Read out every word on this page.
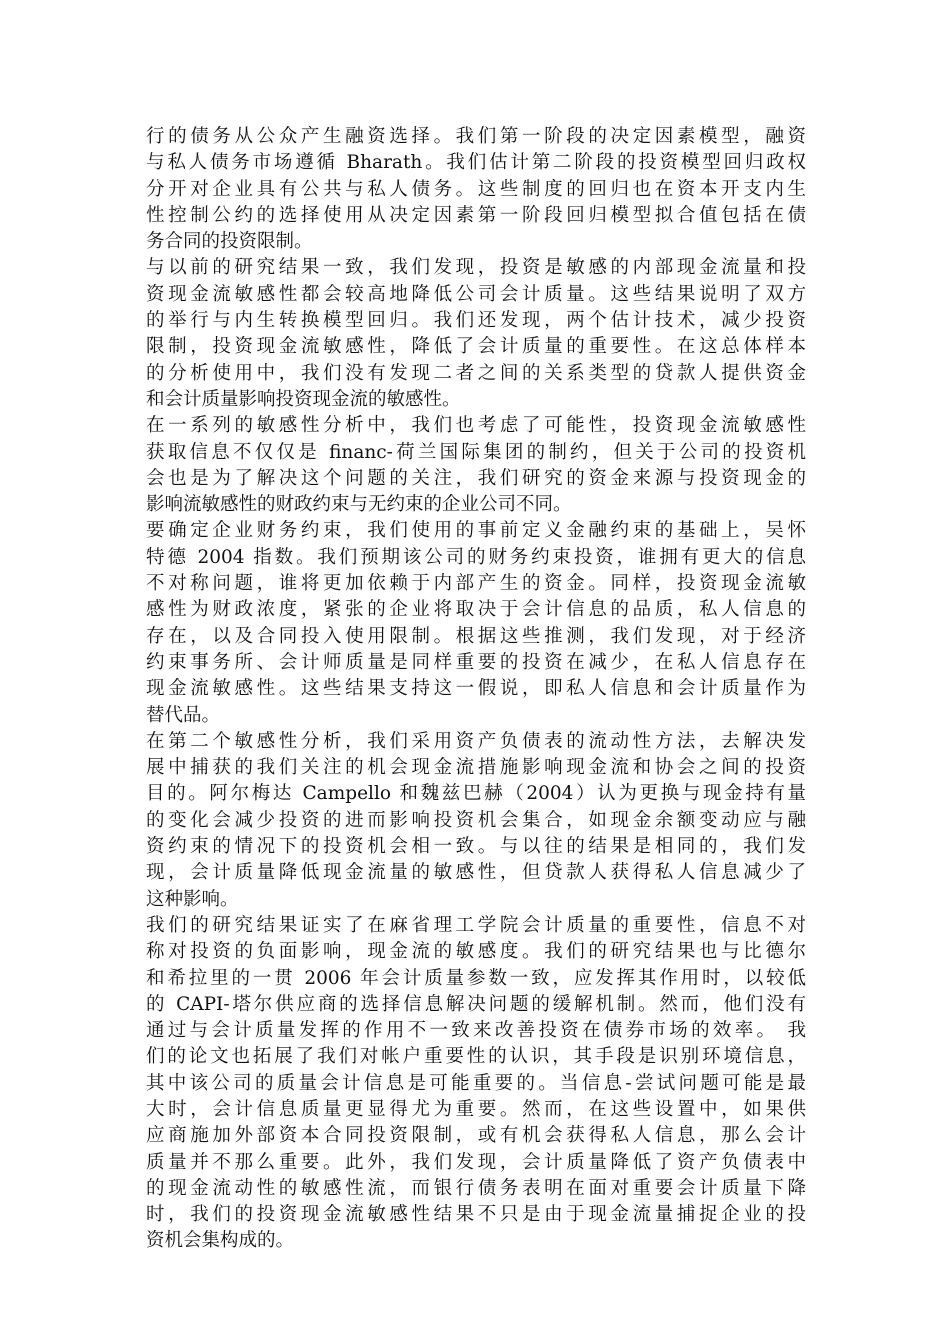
行的债务从公众产生融资选择。我们第一阶段的决定因素模型，融资
与私人债务市场遵循 Bharath。我们估计第二阶段的投资模型回归政权
分开对企业具有公共与私人债务。这些制度的回归也在资本开支内生
性控制公约的选择使用从决定因素第一阶段回归模型拟合值包括在债
务合同的投资限制。
与以前的研究结果一致，我们发现，投资是敏感的内部现金流量和投
资现金流敏感性都会较高地降低公司会计质量。这些结果说明了双方
的举行与内生转换模型回归。我们还发现，两个估计技术，减少投资
限制，投资现金流敏感性，降低了会计质量的重要性。在这总体样本
的分析使用中，我们没有发现二者之间的关系类型的贷款人提供资金
和会计质量影响投资现金流的敏感性。
在一系列的敏感性分析中，我们也考虑了可能性，投资现金流敏感性
获取信息不仅仅是 financ-荷兰国际集团的制约，但关于公司的投资机
会也是为了解决这个问题的关注，我们研究的资金来源与投资现金的
影响流敏感性的财政约束与无约束的企业公司不同。
要确定企业财务约束，我们使用的事前定义金融约束的基础上，吴怀
特德 2004 指数。我们预期该公司的财务约束投资，谁拥有更大的信息
不对称问题，谁将更加依赖于内部产生的资金。同样，投资现金流敏
感性为财政浓度，紧张的企业将取决于会计信息的品质，私人信息的
存在，以及合同投入使用限制。根据这些推测，我们发现，对于经济
约束事务所、会计师质量是同样重要的投资在减少，在私人信息存在
现金流敏感性。这些结果支持这一假说，即私人信息和会计质量作为
替代品。
在第二个敏感性分析，我们采用资产负债表的流动性方法，去解决发
展中捕获的我们关注的机会现金流措施影响现金流和协会之间的投资
目的。阿尔梅达 Campello 和魏兹巴赫（2004）认为更换与现金持有量
的变化会减少投资的进而影响投资机会集合，如现金余额变动应与融
资约束的情况下的投资机会相一致。与以往的结果是相同的，我们发
现，会计质量降低现金流量的敏感性，但贷款人获得私人信息减少了
这种影响。
我们的研究结果证实了在麻省理工学院会计质量的重要性，信息不对
称对投资的负面影响，现金流的敏感度。我们的研究结果也与比德尔
和希拉里的一贯 2006 年会计质量参数一致，应发挥其作用时，以较低
的 CAPI-塔尔供应商的选择信息解决问题的缓解机制。然而，他们没有
通过与会计质量发挥的作用不一致来改善投资在债券市场的效率。 我
们的论文也拓展了我们对帐户重要性的认识，其手段是识别环境信息，
其中该公司的质量会计信息是可能重要的。当信息-尝试问题可能是最
大时，会计信息质量更显得尤为重要。然而，在这些设置中，如果供
应商施加外部资本合同投资限制，或有机会获得私人信息，那么会计
质量并不那么重要。此外，我们发现，会计质量降低了资产负债表中
的现金流动性的敏感性流，而银行债务表明在面对重要会计质量下降
时，我们的投资现金流敏感性结果不只是由于现金流量捕捉企业的投
资机会集构成的。
